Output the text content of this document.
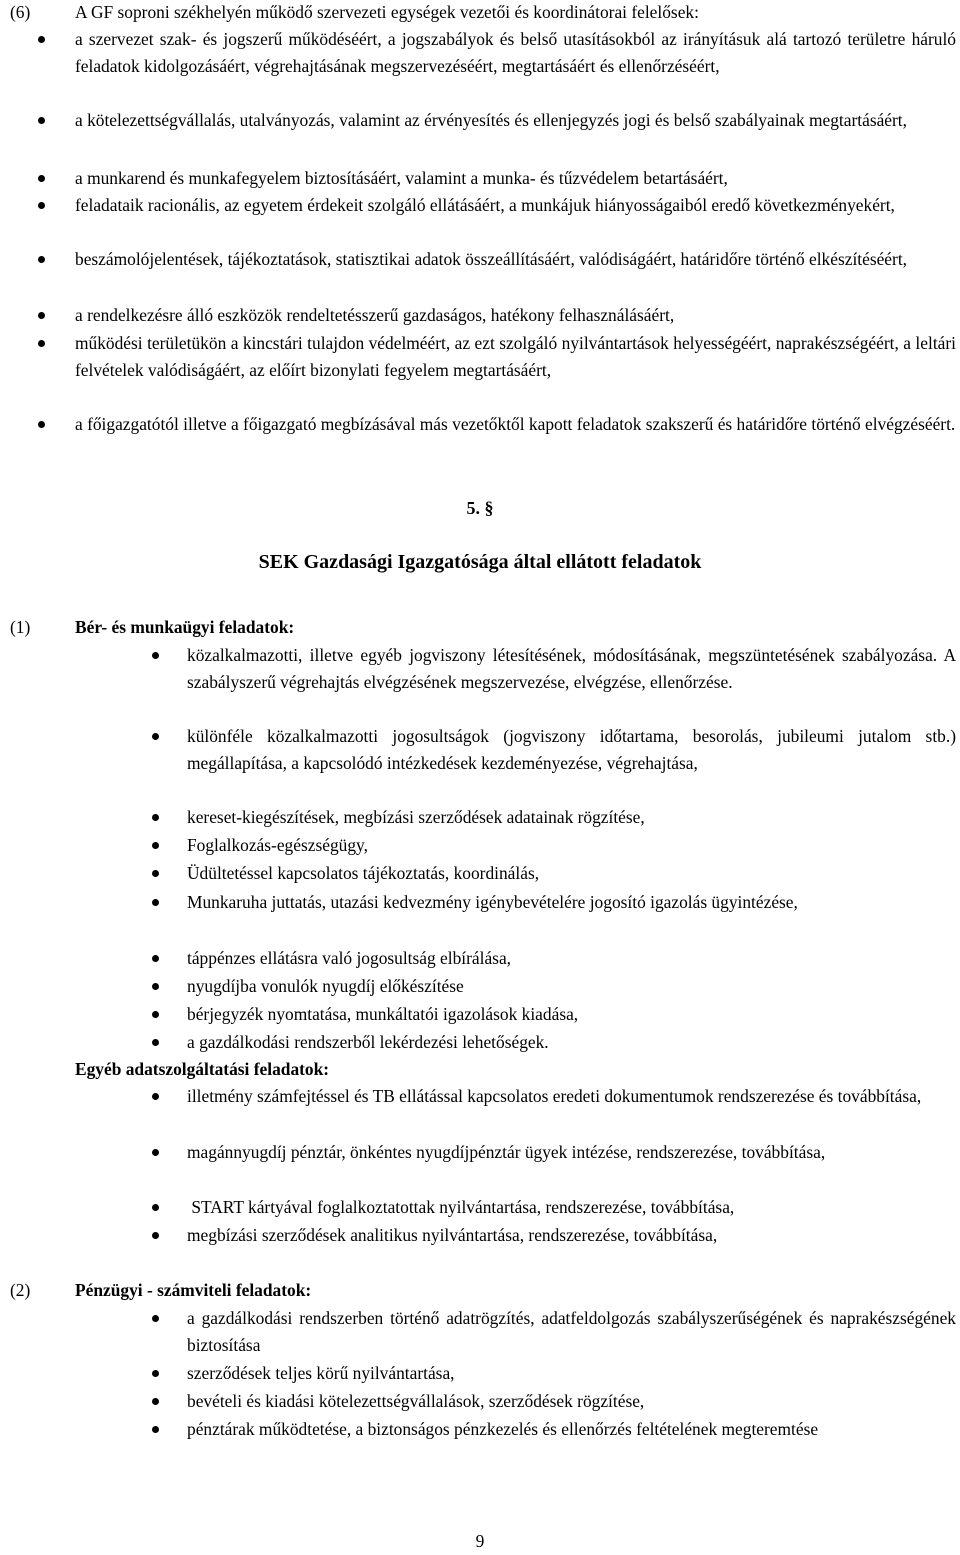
(6)	A GF soproni székhelyén működő szervezeti egységek vezetői és koordinátorai felelősek:
a szervezet szak- és jogszerű működéséért, a jogszabályok és belső utasításokból az irányításuk alá tartozó területre háruló feladatok kidolgozásáért, végrehajtásának megszervezéséért, megtartásáért és ellenőrzéséért,
a kötelezettségvállalás, utalványozás, valamint az érvényesítés és ellenjegyzés jogi és belső szabályainak megtartásáért,
a munkarend és munkafegyelem biztosításáért, valamint a munka- és tűzvédelem betartásáért,
feladataik racionális, az egyetem érdekeit szolgáló ellátásáért, a munkájuk hiányosságaiból eredő következményekért,
beszámolójelentések, tájékoztatások, statisztikai adatok összeállításáért, valódiságáért, határidőre történő elkészítéséért,
a rendelkezésre álló eszközök rendeltetésszerű gazdaságos, hatékony felhasználásáért,
működési területükön a kincstári tulajdon védelméért, az ezt szolgáló nyilvántartások helyességéért, naprakészségéért, a leltári felvételek valódiságáért, az előírt bizonylati fegyelem megtartásáért,
a főigazgatótól illetve a főigazgató megbízásával más vezetőktől kapott feladatok szakszerű és határidőre történő elvégzéséért.
5. §
SEK Gazdasági Igazgatósága által ellátott feladatok
(1)	Bér- és munkaügyi feladatok:
közalkalmazotti, illetve egyéb jogviszony létesítésének, módosításának, megszüntetésének szabályozása. A szabályszerű végrehajtás elvégzésének megszervezése, elvégzése, ellenőrzése.
különféle közalkalmazotti jogosultságok (jogviszony időtartama, besorolás, jubileumi jutalom stb.) megállapítása, a kapcsolódó intézkedések kezdeményezése, végrehajtása,
kereset-kiegészítések, megbízási szerződések adatainak rögzítése,
Foglalkozás-egészségügy,
Üdültetéssel kapcsolatos tájékoztatás, koordinálás,
Munkaruha juttatás, utazási kedvezmény igénybevételére jogosító igazolás ügyintézése,
táppénzes ellátásra való jogosultság elbírálása,
nyugdíjba vonulók nyugdíj előkészítése
bérjegyzék nyomtatása, munkáltatói igazolások kiadása,
a gazdálkodási rendszerből lekérdezési lehetőségek.
Egyéb adatszolgáltatási feladatok:
illetmény számfejtéssel és TB ellátással kapcsolatos eredeti dokumentumok rendszerezése és továbbítása,
magánnyugdíj pénztár, önkéntes nyugdíjpénztár ügyek intézése, rendszerezése, továbbítása,
START kártyával foglalkoztatottak nyilvántartása, rendszerezése, továbbítása,
megbízási szerződések analitikus nyilvántartása, rendszerezése, továbbítása,
(2)	Pénzügyi - számviteli feladatok:
a gazdálkodási rendszerben történő adatrögzítés, adatfeldolgozás szabályszerűségének és naprakészségének biztosítása
szerződések teljes körű nyilvántartása,
bevételi és kiadási kötelezettségvállalások, szerződések rögzítése,
pénztárak működtetése, a biztonságos pénzkezelés és ellenőrzés feltételének megteremtése
9
